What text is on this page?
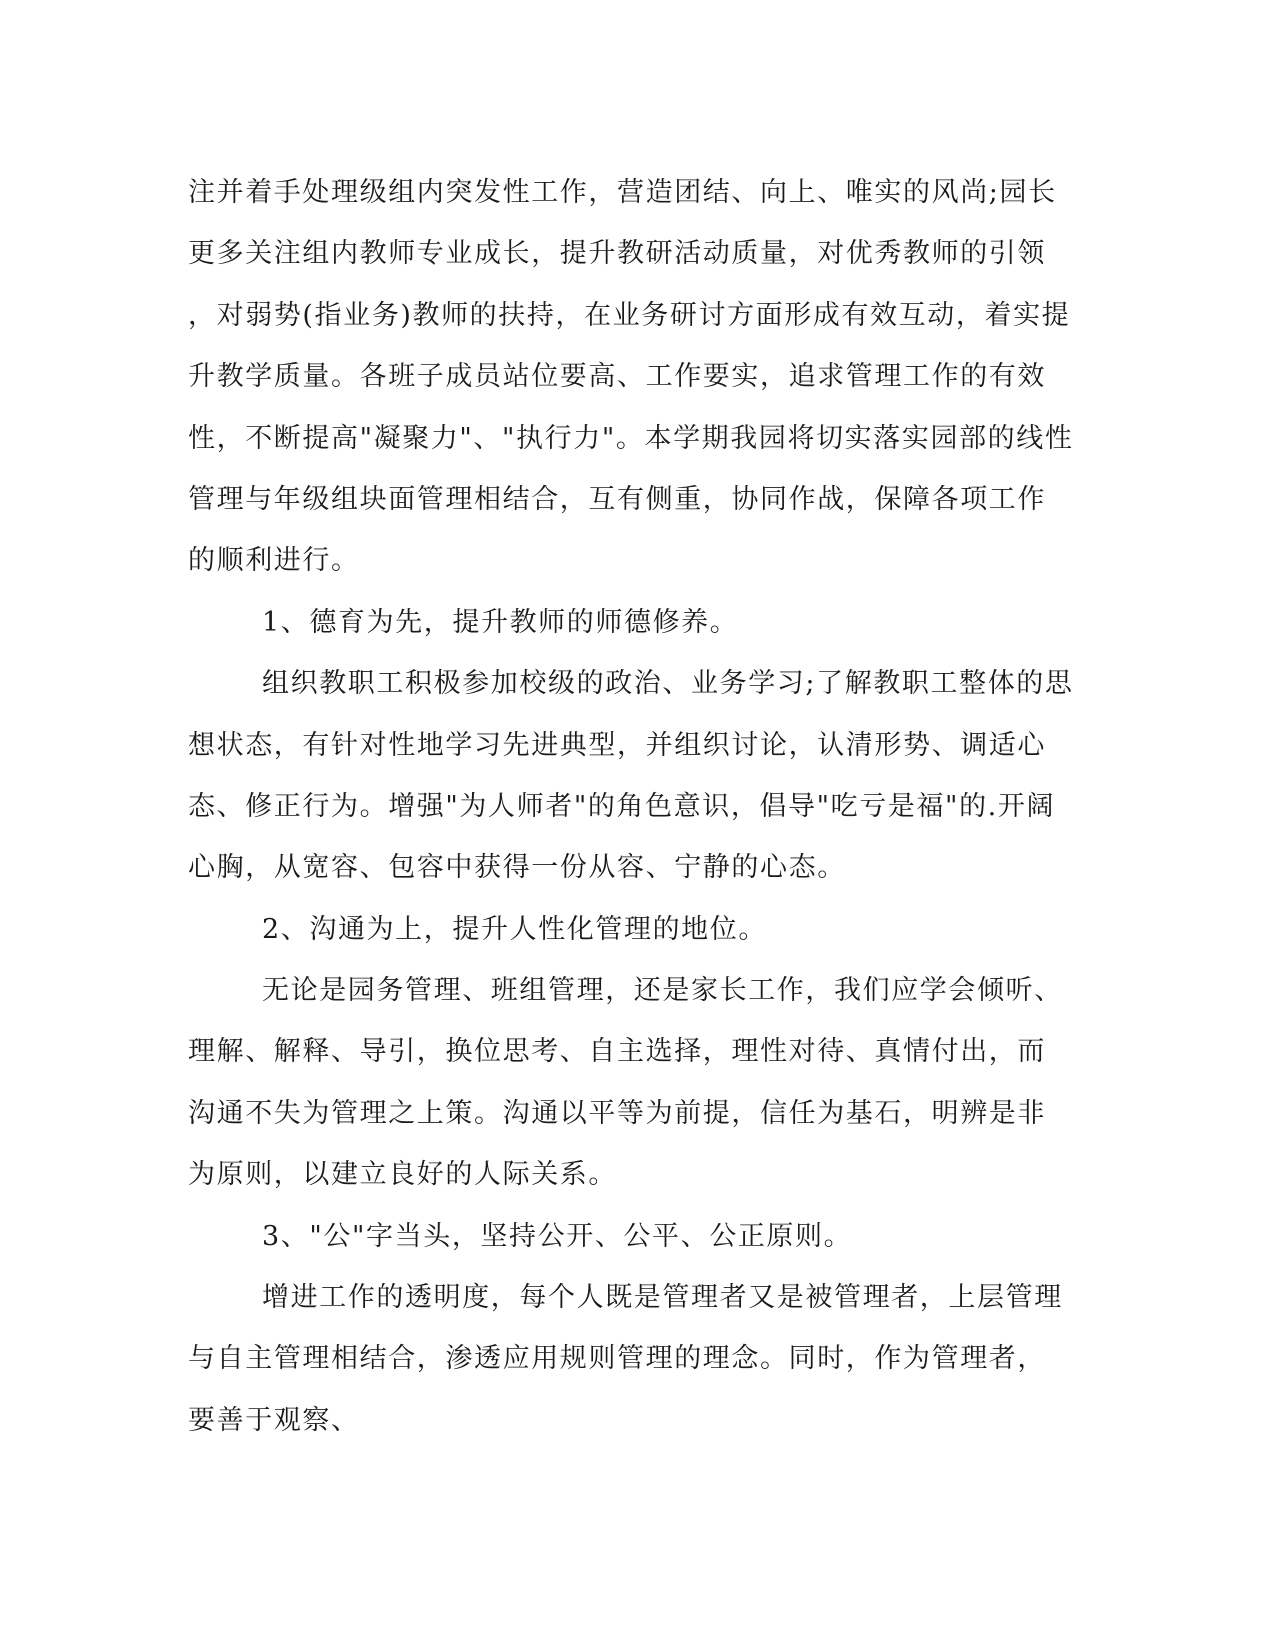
注并着手处理级组内突发性工作，营造团结、向上、唯实的风尚;园长
更多关注组内教师专业成长，提升教研活动质量，对优秀教师的引领
，对弱势(指业务)教师的扶持，在业务研讨方面形成有效互动，着实提
升教学质量。各班子成员站位要高、工作要实，追求管理工作的有效
性，不断提高"凝聚力"、"执行力"。本学期我园将切实落实园部的线性
管理与年级组块面管理相结合，互有侧重，协同作战，保障各项工作
的顺利进行。
1、德育为先，提升教师的师德修养。
组织教职工积极参加校级的政治、业务学习;了解教职工整体的思
想状态，有针对性地学习先进典型，并组织讨论，认清形势、调适心
态、修正行为。增强"为人师者"的角色意识，倡导"吃亏是福"的.开阔
心胸，从宽容、包容中获得一份从容、宁静的心态。
2、沟通为上，提升人性化管理的地位。
无论是园务管理、班组管理，还是家长工作，我们应学会倾听、
理解、解释、导引，换位思考、自主选择，理性对待、真情付出，而
沟通不失为管理之上策。沟通以平等为前提，信任为基石，明辨是非
为原则，以建立良好的人际关系。
3、"公"字当头，坚持公开、公平、公正原则。
增进工作的透明度，每个人既是管理者又是被管理者，上层管理
与自主管理相结合，渗透应用规则管理的理念。同时，作为管理者，
要善于观察、
